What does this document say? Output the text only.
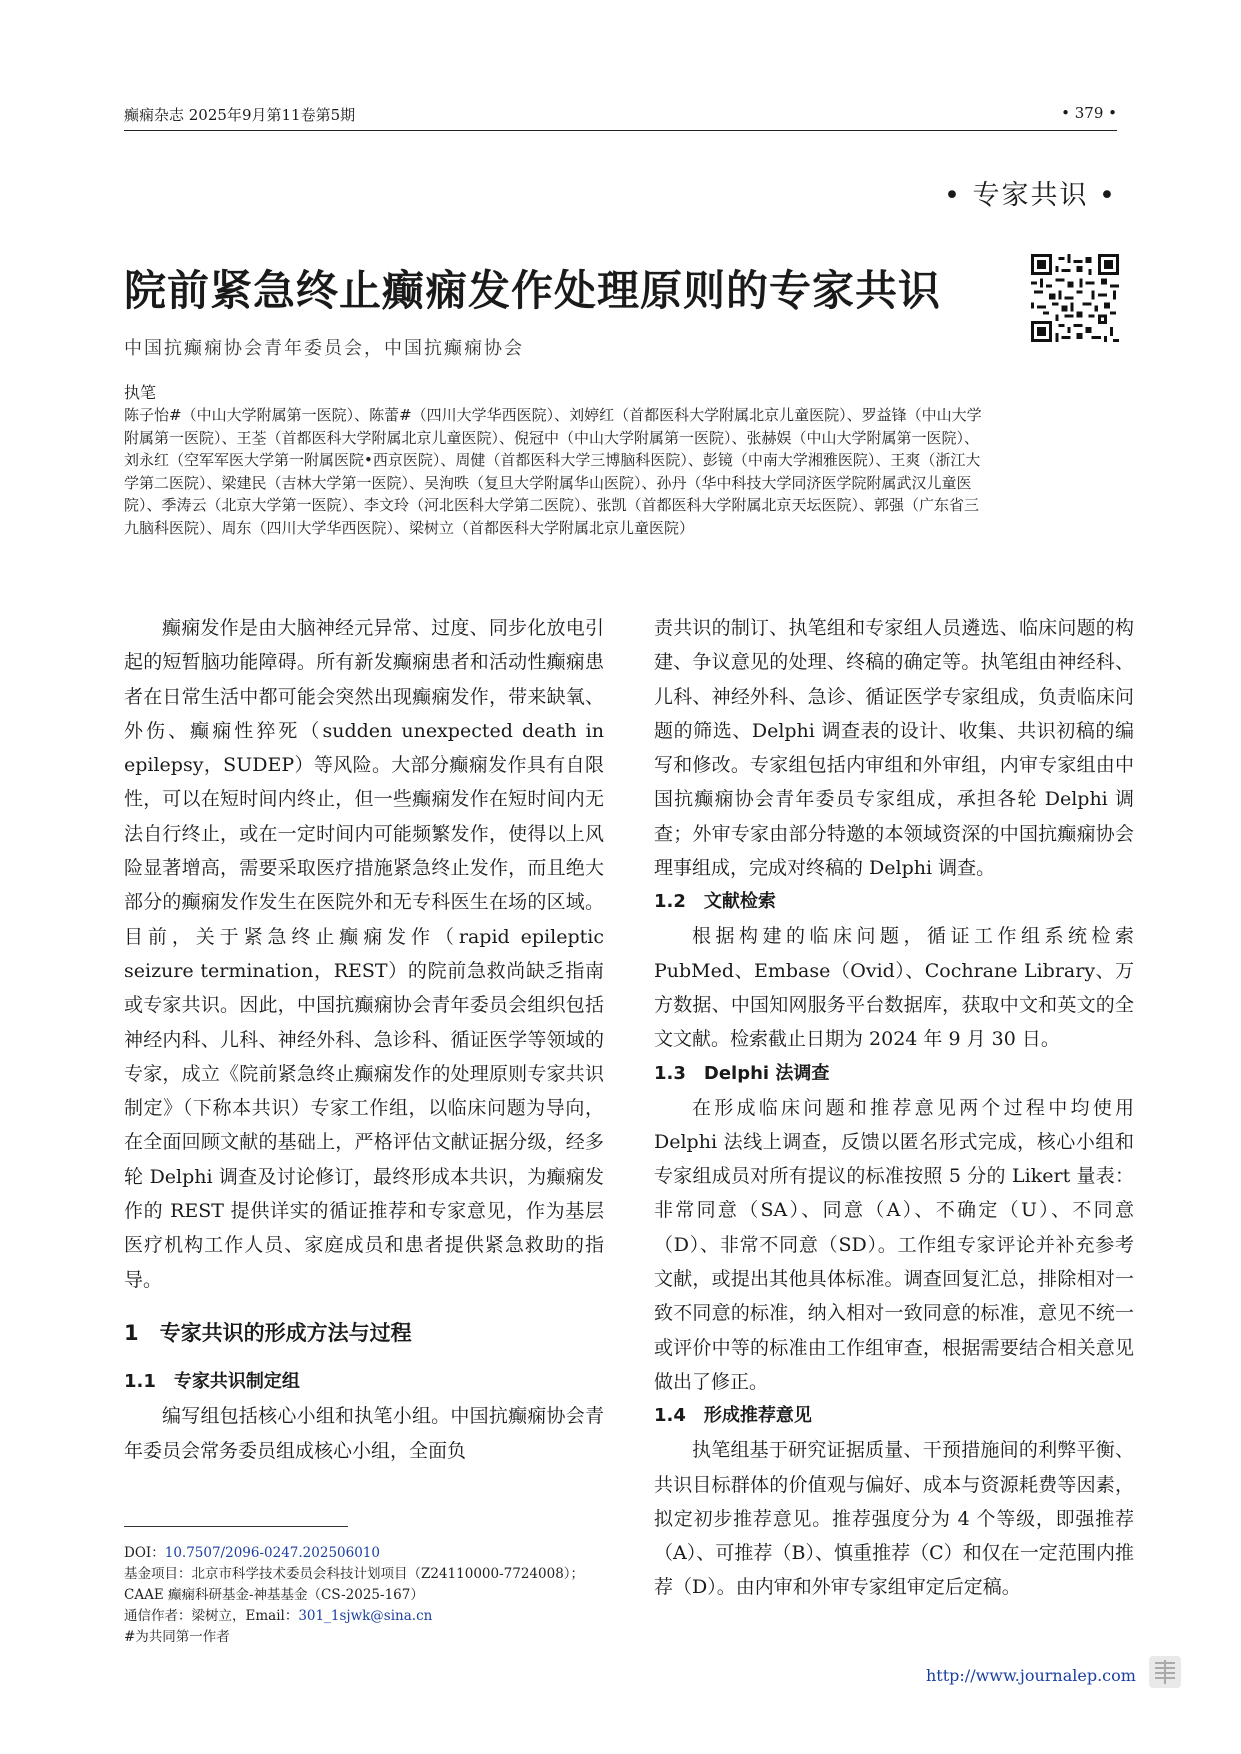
癫痫杂志 2025年9月第11卷第5期	• 379 •
• 专家共识 •
院前紧急终止癫痫发作处理原则的专家共识
中国抗癫痫协会青年委员会，中国抗癫痫协会
执笔
陈子怡#（中山大学附属第一医院）、陈蕾#（四川大学华西医院）、刘婷红（首都医科大学附属北京儿童医院）、罗益锋（中山大学附属第一医院）、王荃（首都医科大学附属北京儿童医院）、倪冠中（中山大学附属第一医院）、张赫娱（中山大学附属第一医院）、刘永红（空军军医大学第一附属医院•西京医院）、周健（首都医科大学三博脑科医院）、彭镜（中南大学湘雅医院）、王爽（浙江大学第二医院）、梁建民（吉林大学第一医院）、吴洵昳（复旦大学附属华山医院）、孙丹（华中科技大学同济医学院附属武汉儿童医院）、季涛云（北京大学第一医院）、李文玲（河北医科大学第二医院）、张凯（首都医科大学附属北京天坛医院）、郭强（广东省三九脑科医院）、周东（四川大学华西医院）、梁树立（首都医科大学附属北京儿童医院）

癫痫发作是由大脑神经元异常、过度、同步化放电引起的短暂脑功能障碍。所有新发癫痫患者和活动性癫痫患者在日常生活中都可能会突然出现癫痫发作，带来缺氧、外伤、癫痫性猝死（sudden unexpected death in epilepsy，SUDEP）等风险。大部分癫痫发作具有自限性，可以在短时间内终止，但一些癫痫发作在短时间内无法自行终止，或在一定时间内可能频繁发作，使得以上风险显著增高，需要采取医疗措施紧急终止发作，而且绝大部分的癫痫发作发生在医院外和无专科医生在场的区域。目前，关于紧急终止癫痫发作（rapid epileptic seizure termination，REST）的院前急救尚缺乏指南或专家共识。因此，中国抗癫痫协会青年委员会组织包括神经内科、儿科、神经外科、急诊科、循证医学等领域的专家，成立《院前紧急终止癫痫发作的处理原则专家共识制定》（下称本共识）专家工作组，以临床问题为导向，在全面回顾文献的基础上，严格评估文献证据分级，经多轮 Delphi 调查及讨论修订，最终形成本共识，为癫痫发作的 REST 提供详实的循证推荐和专家意见，作为基层医疗机构工作人员、家庭成员和患者提供紧急救助的指导。

1　专家共识的形成方法与过程
1.1　专家共识制定组

编写组包括核心小组和执笔小组。中国抗癫痫协会青年委员会常务委员组成核心小组，全面负

责共识的制订、执笔组和专家组人员遴选、临床问题的构建、争议意见的处理、终稿的确定等。执笔组由神经科、儿科、神经外科、急诊、循证医学专家组成，负责临床问题的筛选、Delphi 调查表的设计、收集、共识初稿的编写和修改。专家组包括内审组和外审组，内审专家组由中国抗癫痫协会青年委员专家组成，承担各轮 Delphi 调查；外审专家由部分特邀的本领域资深的中国抗癫痫协会理事组成，完成对终稿的 Delphi 调查。

1.2　文献检索

根据构建的临床问题，循证工作组系统检索 PubMed、Embase（Ovid）、Cochrane Library、万方数据、中国知网服务平台数据库，获取中文和英文的全文文献。检索截止日期为 2024 年 9 月 30 日。

1.3　Delphi 法调查

在形成临床问题和推荐意见两个过程中均使用 Delphi 法线上调查，反馈以匿名形式完成，核心小组和专家组成员对所有提议的标准按照 5 分的 Likert 量表：非常同意（SA）、同意（A）、不确定（U）、不同意（D）、非常不同意（SD）。工作组专家评论并补充参考文献，或提出其他具体标准。调查回复汇总，排除相对一致不同意的标准，纳入相对一致同意的标准，意见不统一或评价中等的标准由工作组审查，根据需要结合相关意见做出了修正。

1.4　形成推荐意见

执笔组基于研究证据质量、干预措施间的利弊平衡、共识目标群体的价值观与偏好、成本与资源耗费等因素，拟定初步推荐意见。推荐强度分为 4 个等级，即强推荐（A）、可推荐（B）、慎重推荐（C）和仅在一定范围内推荐（D）。由内审和外审专家组审定后定稿。

DOI：10.7507/2096-0247.202506010
基金项目：北京市科学技术委员会科技计划项目（Z24110000-7724008）；CAAE 癫痫科研基金-神基基金（CS-2025-167）
通信作者：梁树立，Email：301_1sjwk@sina.cn
#为共同第一作者
http://www.journalep.com
